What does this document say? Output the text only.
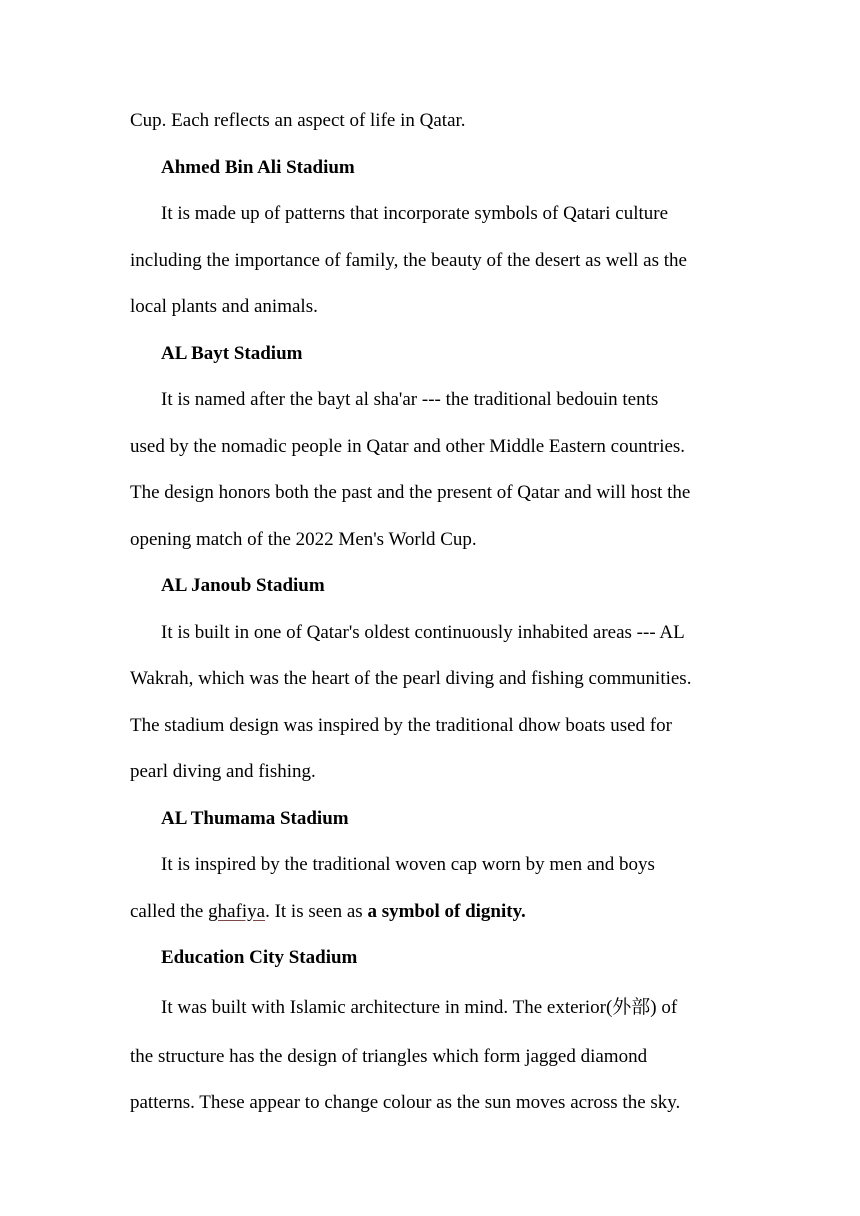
Cup. Each reflects an aspect of life in Qatar.

Ahmed Bin Ali Stadium

It is made up of patterns that incorporate symbols of Qatari culture

including the importance of family, the beauty of the desert as well as the

local plants and animals.

AL Bayt Stadium

It is named after the bayt al sha'ar --- the traditional bedouin tents

used by the nomadic people in Qatar and other Middle Eastern countries.

The design honors both the past and the present of Qatar and will host the

opening match of the 2022 Men's World Cup.

AL Janoub Stadium

It is built in one of Qatar's oldest continuously inhabited areas --- AL

Wakrah, which was the heart of the pearl diving and fishing communities.

The stadium design was inspired by the traditional dhow boats used for

pearl diving and fishing.

AL Thumama Stadium

It is inspired by the traditional woven cap worn by men and boys

called the ghafiya. It is seen as a symbol of dignity.

Education City Stadium

It was built with Islamic architecture in mind. The exterior(外部) of

the structure has the design of triangles which form jagged diamond

patterns. These appear to change colour as the sun moves across the sky.
